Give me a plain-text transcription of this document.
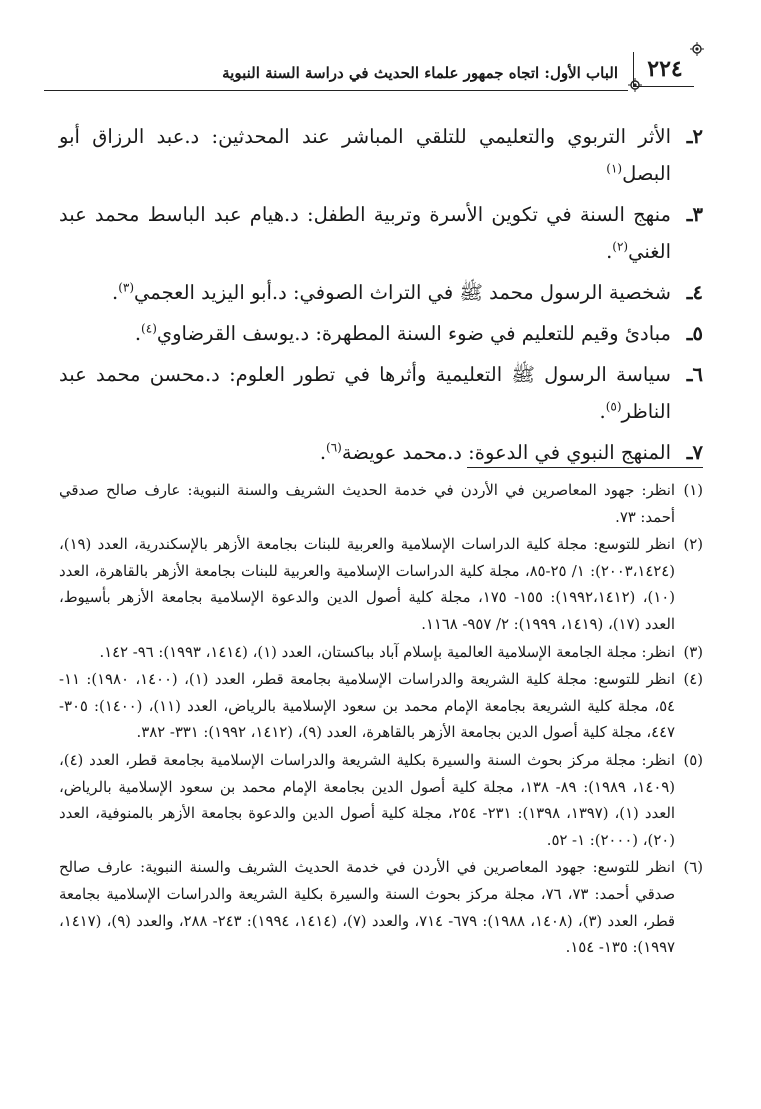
٢٢٤
الباب الأول: اتجاه جمهور علماء الحديث في دراسة السنة النبوية
٢ـ
الأثر التربوي والتعليمي للتلقي المباشر عند المحدثين: د.عبد الرزاق أبو البصل$^{(١)}$
٣ـ
منهج السنة في تكوين الأسرة وتربية الطفل: د.هيام عبد الباسط محمد عبد الغني$^{(٢)}$.
٤ـ
شخصية الرسول محمد ﷺ في التراث الصوفي: د.أبو اليزيد العجمي$^{(٣)}$.
٥ـ
مبادئ وقيم للتعليم في ضوء السنة المطهرة: د.يوسف القرضاوي$^{(٤)}$.
٦ـ
سياسة الرسول ﷺ التعليمية وأثرها في تطور العلوم: د.محسن محمد عبد الناظر$^{(٥)}$.
٧ـ
المنهج النبوي في الدعوة: د.محمد عويضة$^{(٦)}$.
(١)
انظر: جهود المعاصرين في الأردن في خدمة الحديث الشريف والسنة النبوية: عارف صالح صدقي أحمد: ٧٣.
(٢)
انظر للتوسع: مجلة كلية الدراسات الإسلامية والعربية للبنات بجامعة الأزهر بالإسكندرية، العدد (١٩)، (٢٠٠٣،١٤٢٤): ١/ ٢٥-٨٥، مجلة كلية الدراسات الإسلامية والعربية للبنات بجامعة الأزهر بالقاهرة، العدد (١٠)، (١٩٩٢،١٤١٢): ١٥٥- ١٧٥، مجلة كلية أصول الدين والدعوة الإسلامية بجامعة الأزهر بأسيوط، العدد (١٧)، (١٤١٩، ١٩٩٩): ٢/ ٩٥٧- ١١٦٨.
(٣)
انظر: مجلة الجامعة الإسلامية العالمية بإسلام آباد بباكستان، العدد (١)، (١٤١٤، ١٩٩٣): ٩٦- ١٤٢.
(٤)
انظر للتوسع: مجلة كلية الشريعة والدراسات الإسلامية بجامعة قطر، العدد (١)، (١٤٠٠، ١٩٨٠): ١١- ٥٤، مجلة كلية الشريعة بجامعة الإمام محمد بن سعود الإسلامية بالرياض، العدد (١١)، (١٤٠٠): ٣٠٥- ٤٤٧، مجلة كلية أصول الدين بجامعة الأزهر بالقاهرة، العدد (٩)، (١٤١٢، ١٩٩٢): ٣٣١- ٣٨٢.
(٥)
انظر: مجلة مركز بحوث السنة والسيرة بكلية الشريعة والدراسات الإسلامية بجامعة قطر، العدد (٤)، (١٤٠٩، ١٩٨٩): ٨٩- ١٣٨، مجلة كلية أصول الدين بجامعة الإمام محمد بن سعود الإسلامية بالرياض، العدد (١)، (١٣٩٧، ١٣٩٨): ٢٣١- ٢٥٤، مجلة كلية أصول الدين والدعوة بجامعة الأزهر بالمنوفية، العدد (٢٠)، (٢٠٠٠): ١- ٥٢.
(٦)
انظر للتوسع: جهود المعاصرين في الأردن في خدمة الحديث الشريف والسنة النبوية: عارف صالح صدقي أحمد: ٧٣، ٧٦، مجلة مركز بحوث السنة والسيرة بكلية الشريعة والدراسات الإسلامية بجامعة قطر، العدد (٣)، (١٤٠٨، ١٩٨٨): ٦٧٩- ٧١٤، والعدد (٧)، (١٤١٤، ١٩٩٤): ٢٤٣- ٢٨٨، والعدد (٩)، (١٤١٧، ١٩٩٧): ١٣٥- ١٥٤.
